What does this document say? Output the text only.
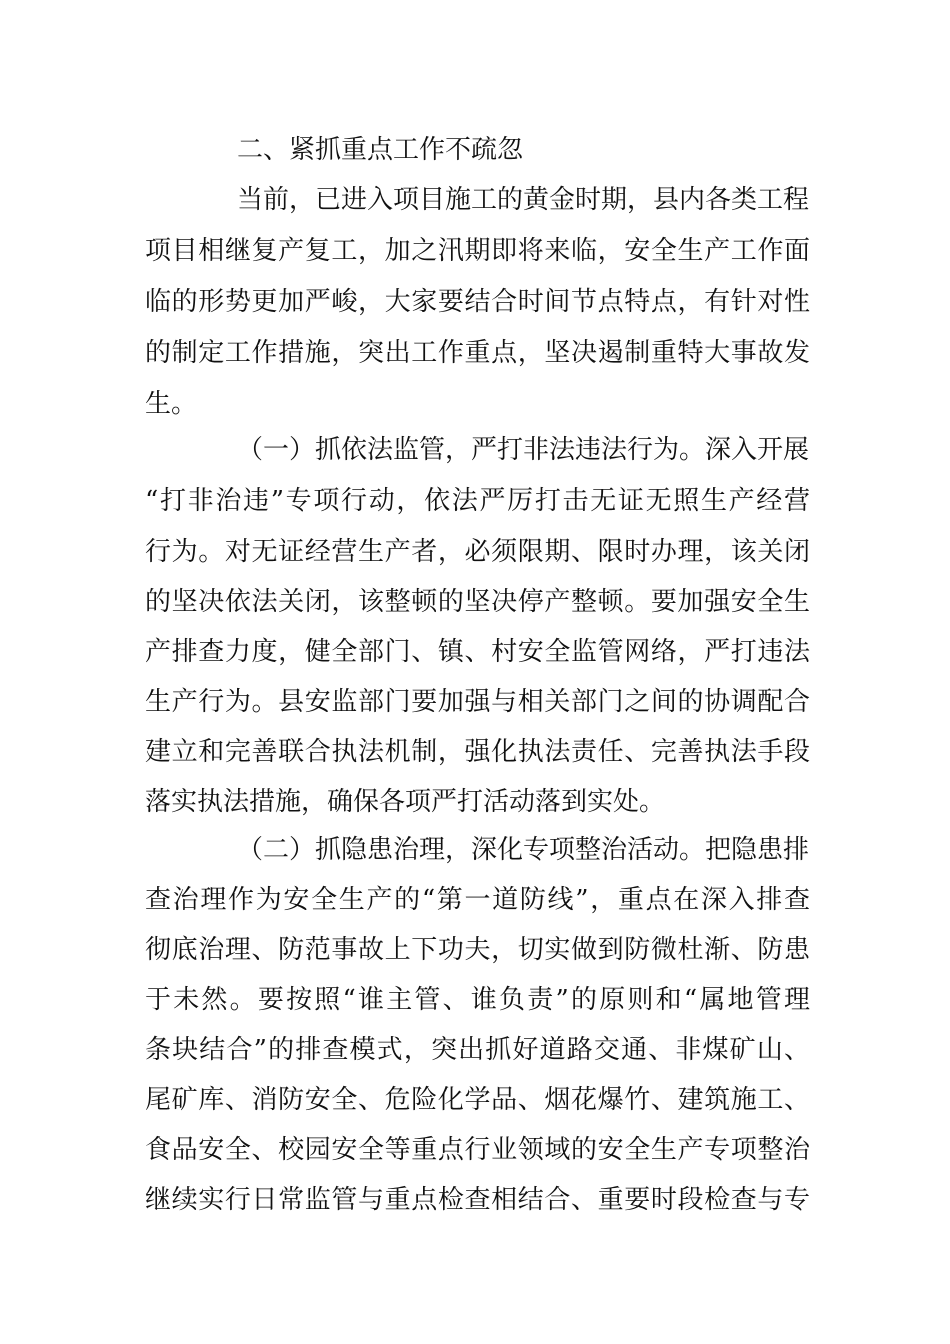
二、紧抓重点工作不疏忽
当前，已进入项目施工的黄金时期，县内各类工程
项目相继复产复工，加之汛期即将来临，安全生产工作面
临的形势更加严峻，大家要结合时间节点特点，有针对性
的制定工作措施，突出工作重点，坚决遏制重特大事故发
生。
（一）抓依法监管，严打非法违法行为。深入开展
“打非治违”专项行动，依法严厉打击无证无照生产经营
行为。对无证经营生产者，必须限期、限时办理，该关闭
的坚决依法关闭，该整顿的坚决停产整顿。要加强安全生
产排查力度，健全部门、镇、村安全监管网络，严打违法
生产行为。县安监部门要加强与相关部门之间的协调配合
建立和完善联合执法机制，强化执法责任、完善执法手段
落实执法措施，确保各项严打活动落到实处。
（二）抓隐患治理，深化专项整治活动。把隐患排
查治理作为安全生产的“第一道防线”，重点在深入排查
彻底治理、防范事故上下功夫，切实做到防微杜渐、防患
于未然。要按照“谁主管、谁负责”的原则和“属地管理
条块结合”的排查模式，突出抓好道路交通、非煤矿山、
尾矿库、消防安全、危险化学品、烟花爆竹、建筑施工、
食品安全、校园安全等重点行业领域的安全生产专项整治
继续实行日常监管与重点检查相结合、重要时段检查与专
